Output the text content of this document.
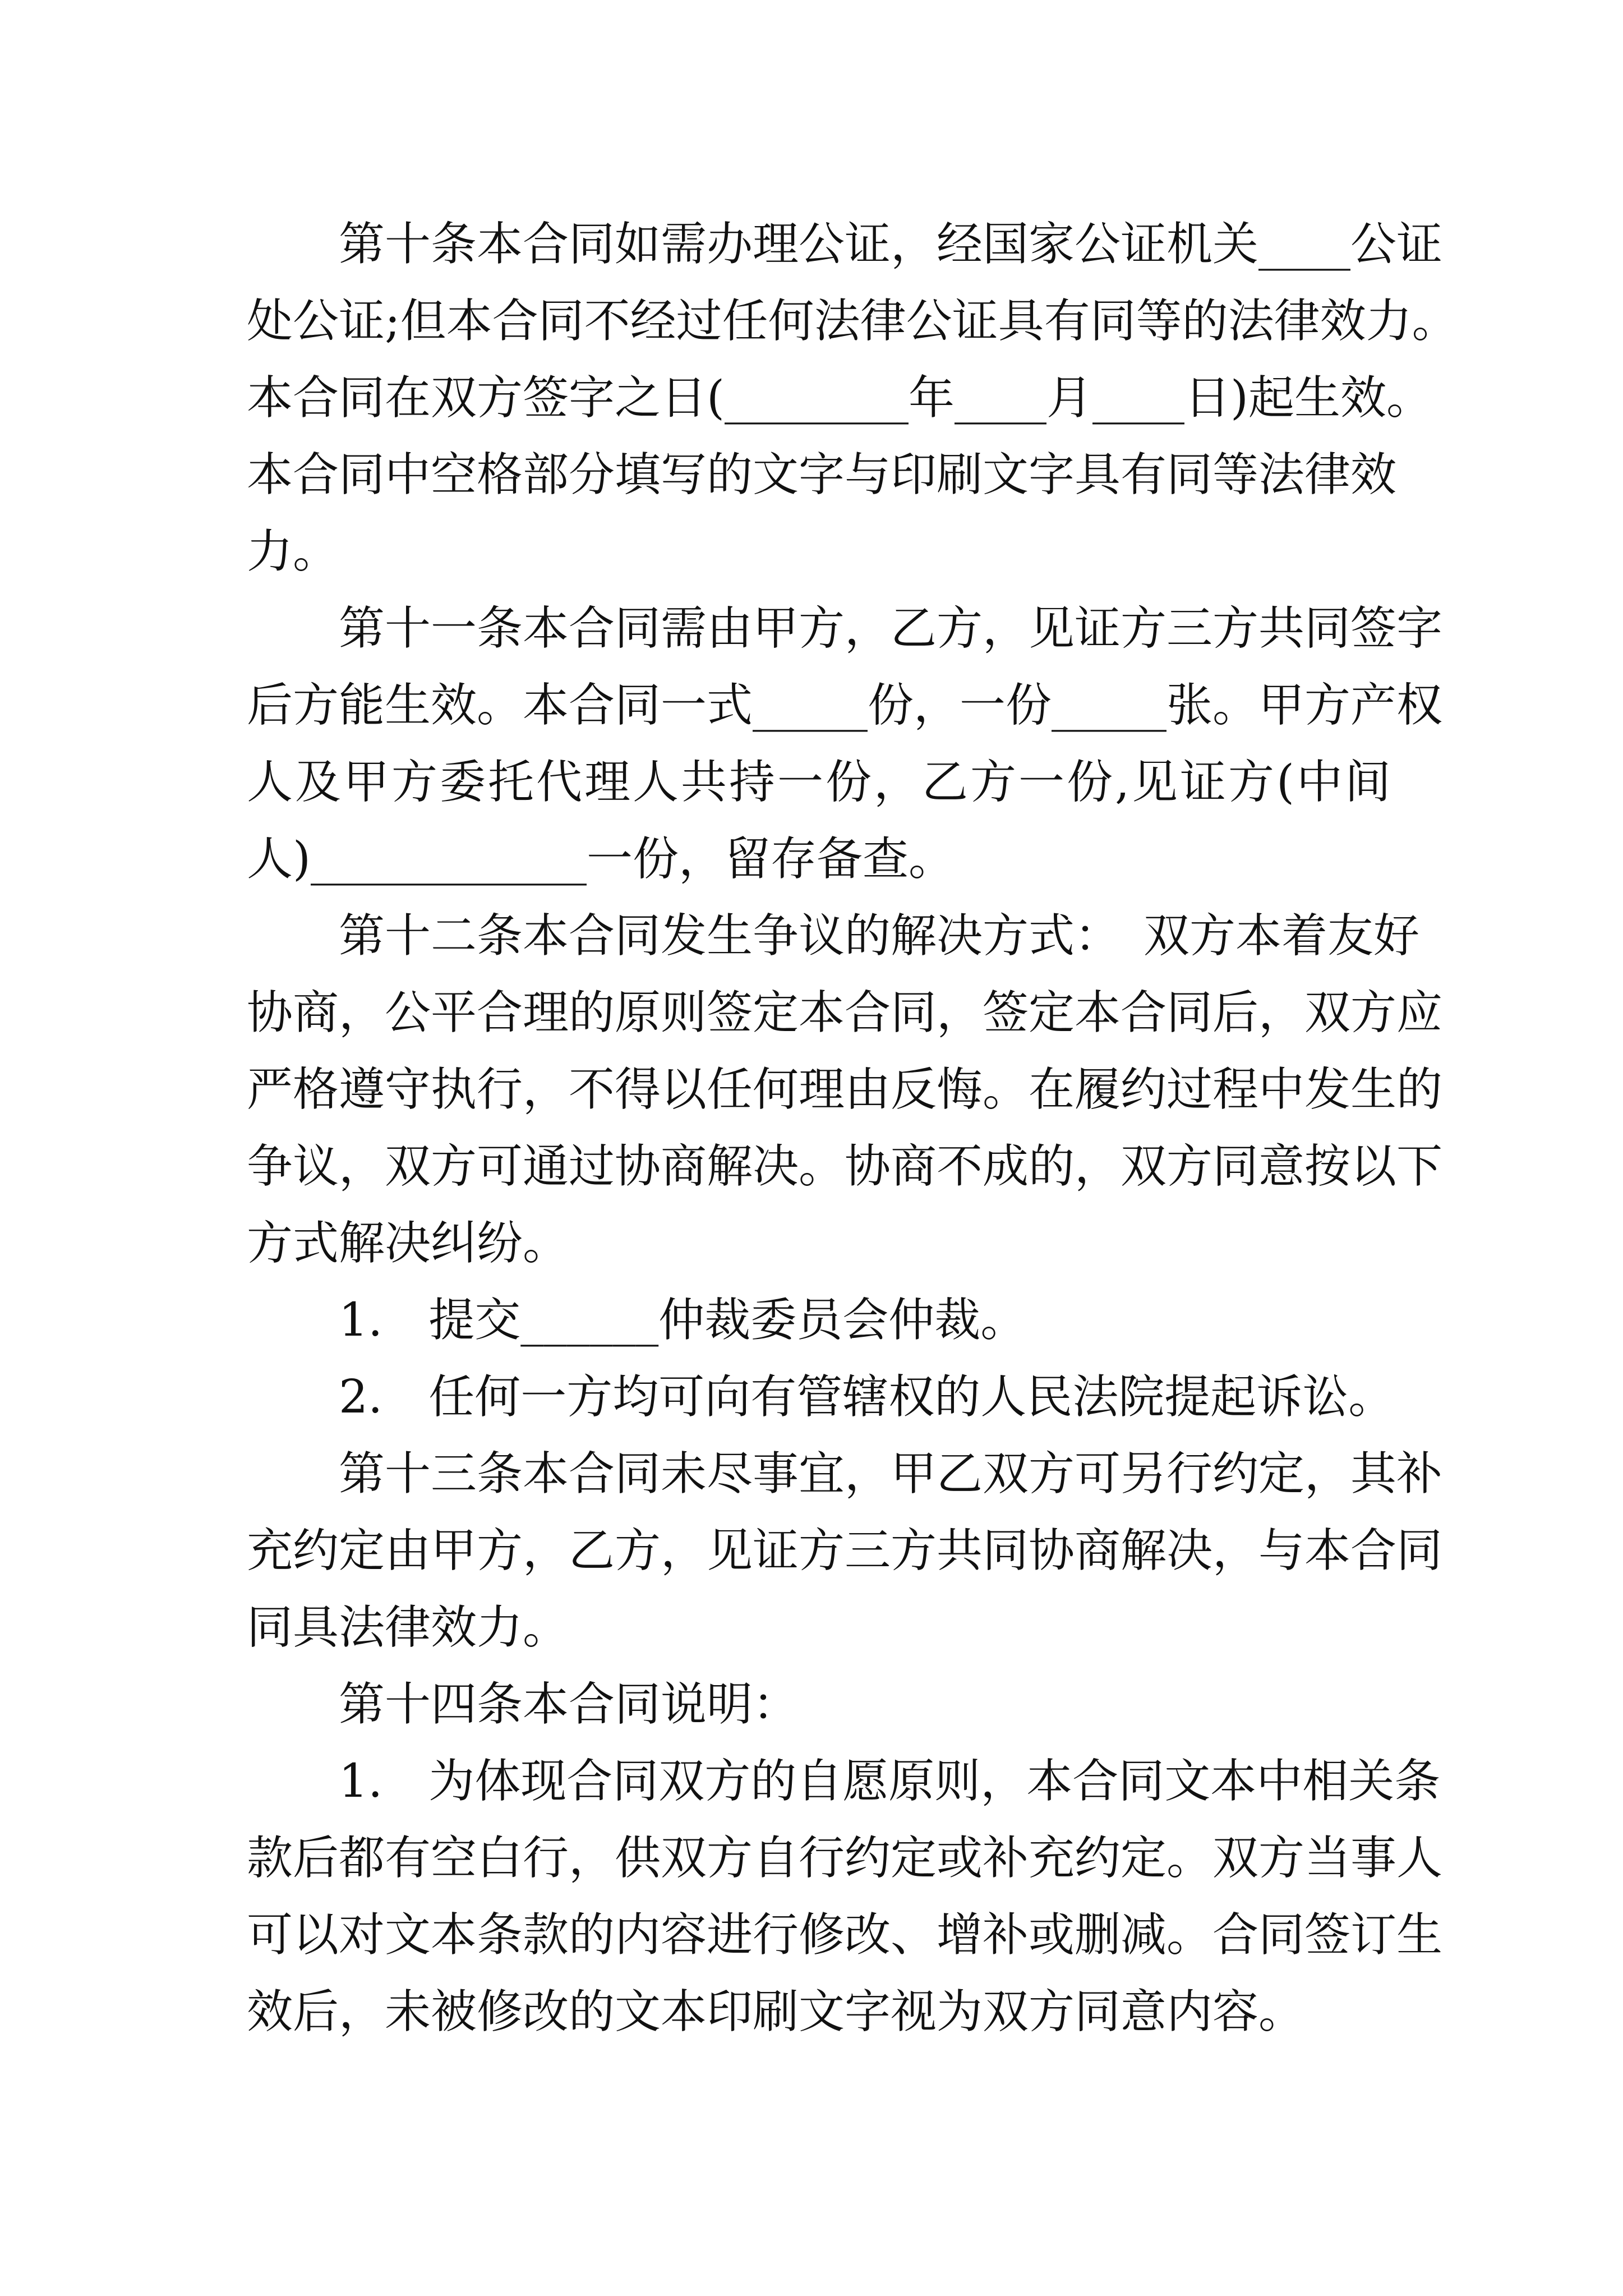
第十条本合同如需办理公证，经国家公证机关____公证
处公证;但本合同不经过任何法律公证具有同等的法律效力。
本合同在双方签字之日(________年____月____日)起生效。
本合同中空格部分填写的文字与印刷文字具有同等法律效
力。
第十一条本合同需由甲方，乙方，见证方三方共同签字
后方能生效。本合同一式_____份，一份_____张。甲方产权
人及甲方委托代理人共持一份，乙方一份,见证方(中间
人)____________一份，留存备查。
第十二条本合同发生争议的解决方式：　双方本着友好
协商，公平合理的原则签定本合同，签定本合同后，双方应
严格遵守执行，不得以任何理由反悔。在履约过程中发生的
争议，双方可通过协商解决。协商不成的，双方同意按以下
方式解决纠纷。
1.　提交______仲裁委员会仲裁。
2.　任何一方均可向有管辖权的人民法院提起诉讼。
第十三条本合同未尽事宜，甲乙双方可另行约定，其补
充约定由甲方，乙方，见证方三方共同协商解决，与本合同
同具法律效力。
第十四条本合同说明：
1.　为体现合同双方的自愿原则，本合同文本中相关条
款后都有空白行，供双方自行约定或补充约定。双方当事人
可以对文本条款的内容进行修改、增补或删减。合同签订生
效后，未被修改的文本印刷文字视为双方同意内容。
